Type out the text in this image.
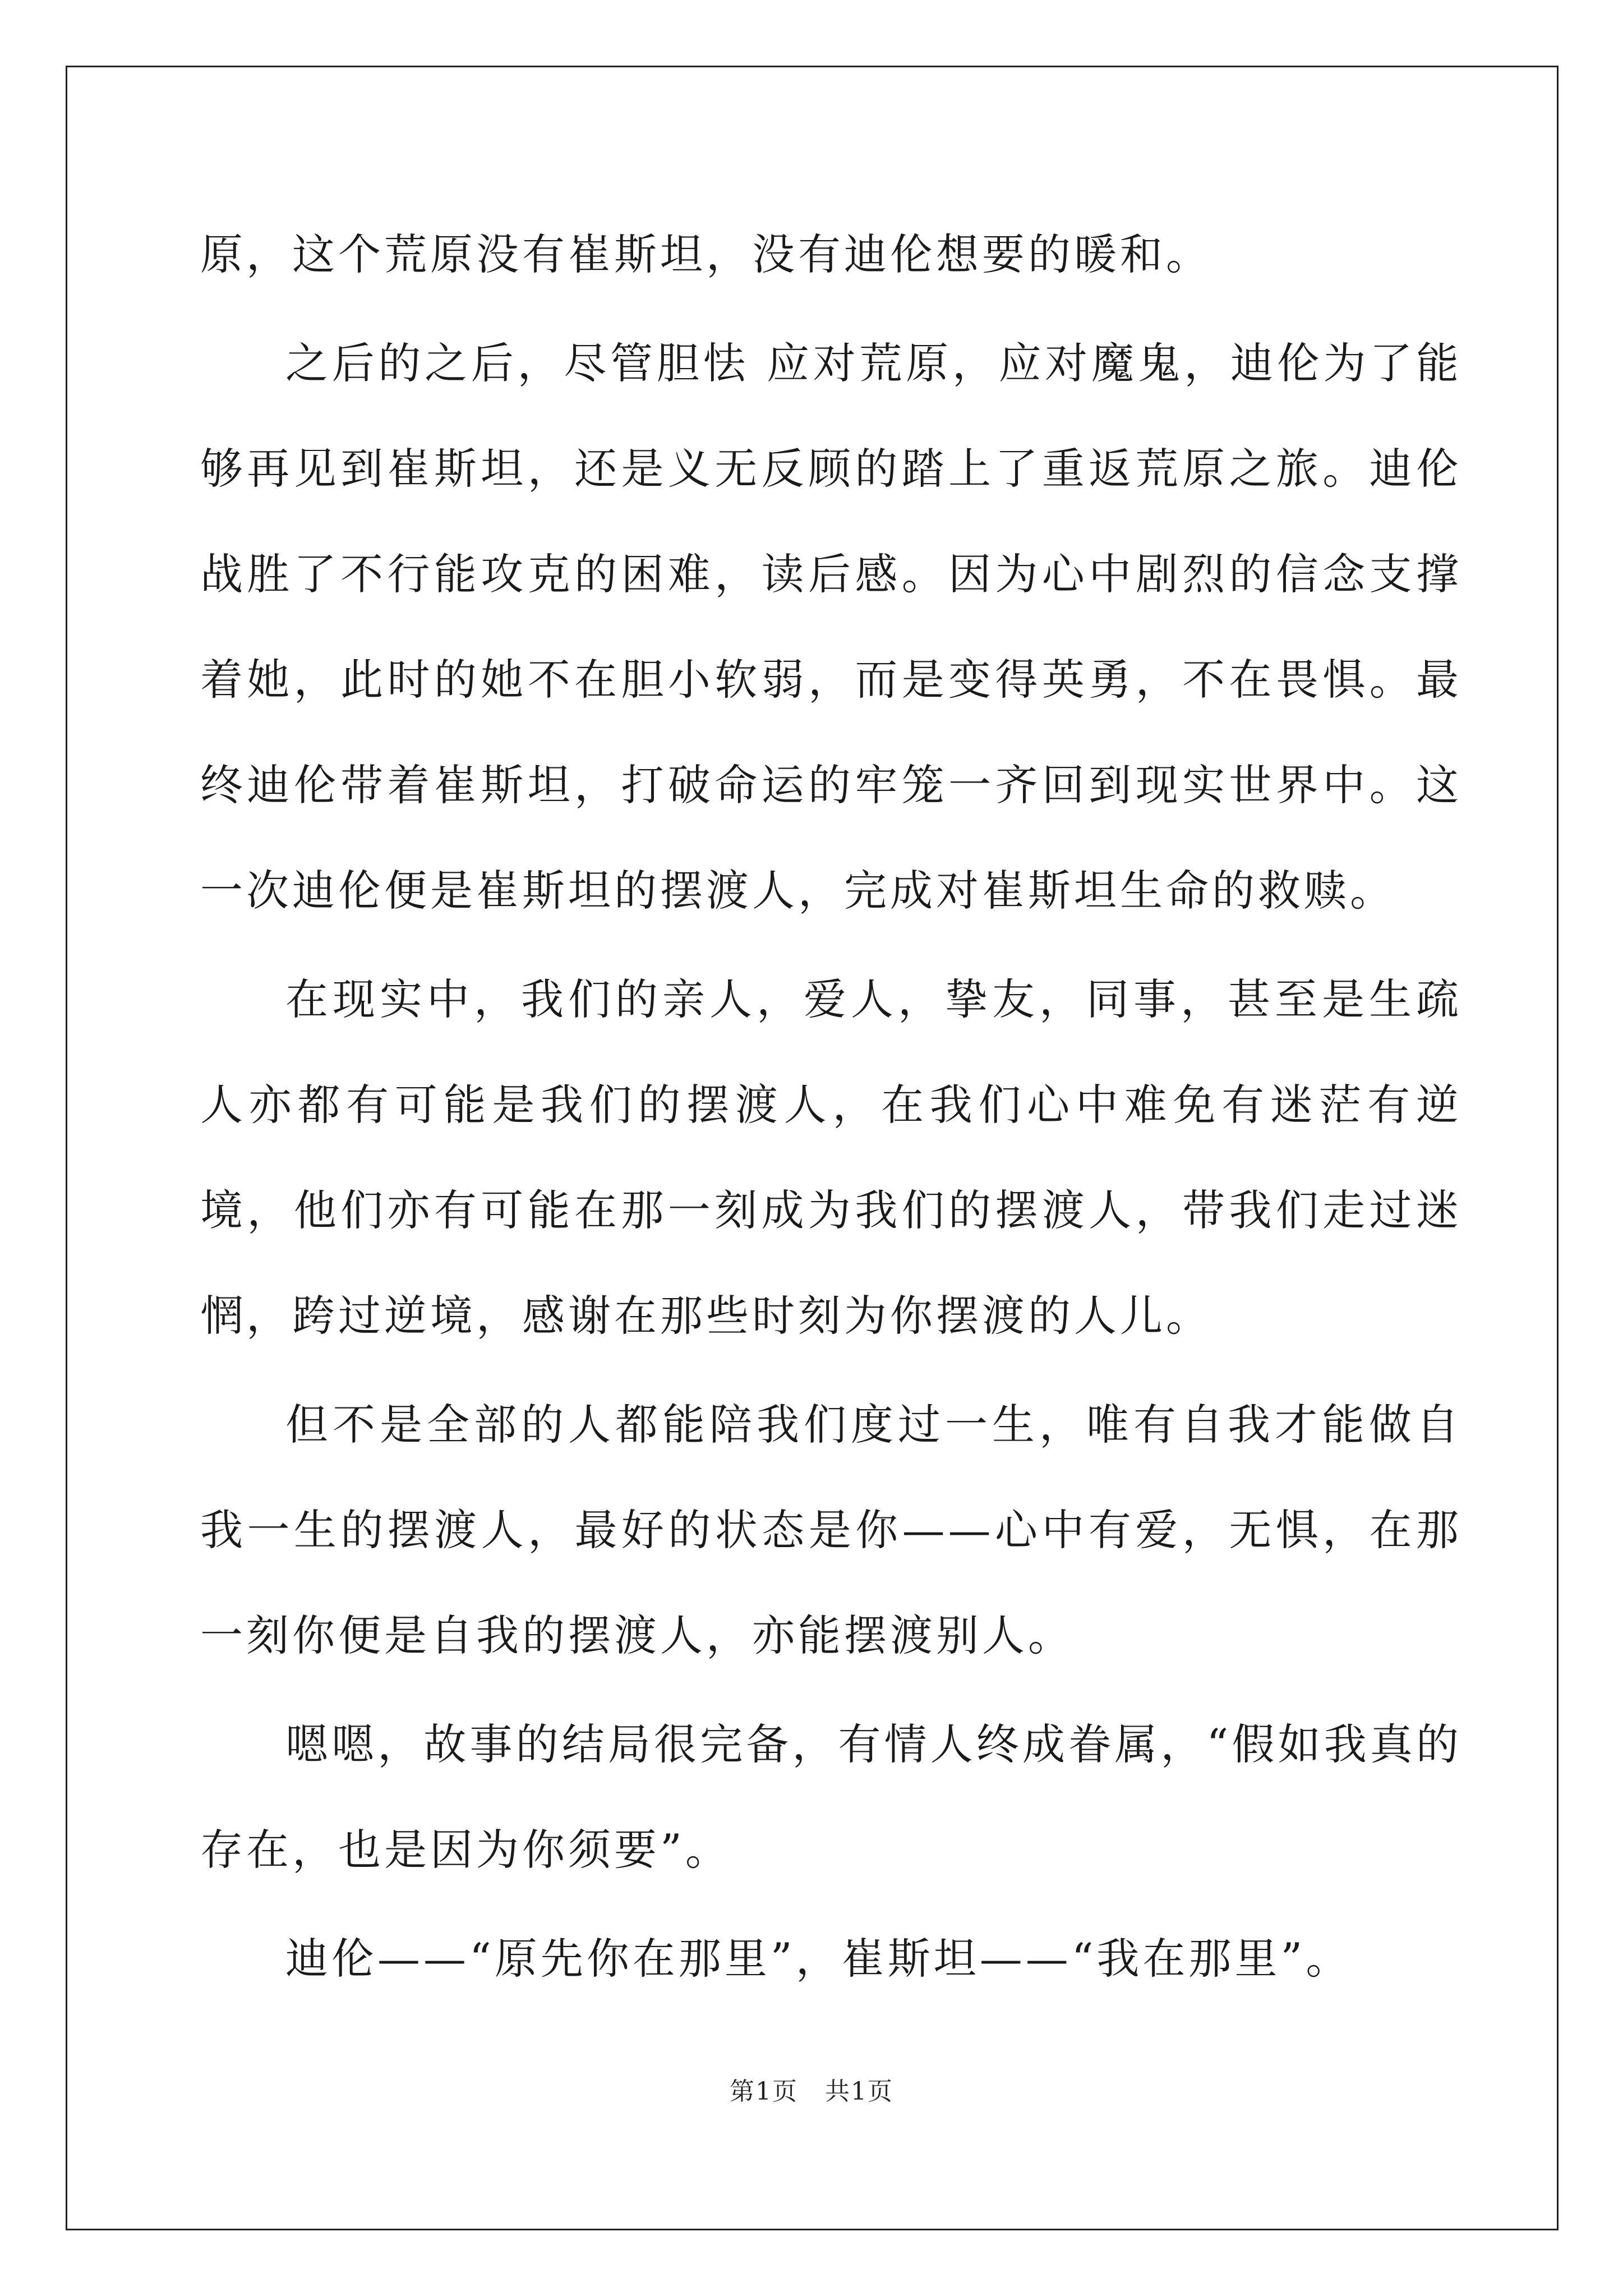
原，这个荒原没有崔斯坦，没有迪伦想要的暖和。

之后的之后，尽管胆怯 应对荒原，应对魔鬼，迪伦为了能够再见到崔斯坦，还是义无反顾的踏上了重返荒原之旅。迪伦战胜了不行能攻克的困难，读后感。因为心中剧烈的信念支撑着她，此时的她不在胆小软弱，而是变得英勇，不在畏惧。最终迪伦带着崔斯坦，打破命运的牢笼一齐回到现实世界中。这一次迪伦便是崔斯坦的摆渡人，完成对崔斯坦生命的救赎。

在现实中，我们的亲人，爱人，挚友，同事，甚至是生疏人亦都有可能是我们的摆渡人，在我们心中难免有迷茫有逆境，他们亦有可能在那一刻成为我们的摆渡人，带我们走过迷惘，跨过逆境，感谢在那些时刻为你摆渡的人儿。

但不是全部的人都能陪我们度过一生，唯有自我才能做自我一生的摆渡人，最好的状态是你——心中有爱，无惧，在那一刻你便是自我的摆渡人，亦能摆渡别人。

嗯嗯，故事的结局很完备，有情人终成眷属，“假如我真的存在，也是因为你须要”。

迪伦——“原先你在那里”，崔斯坦——“我在那里”。

第1页 共1页
